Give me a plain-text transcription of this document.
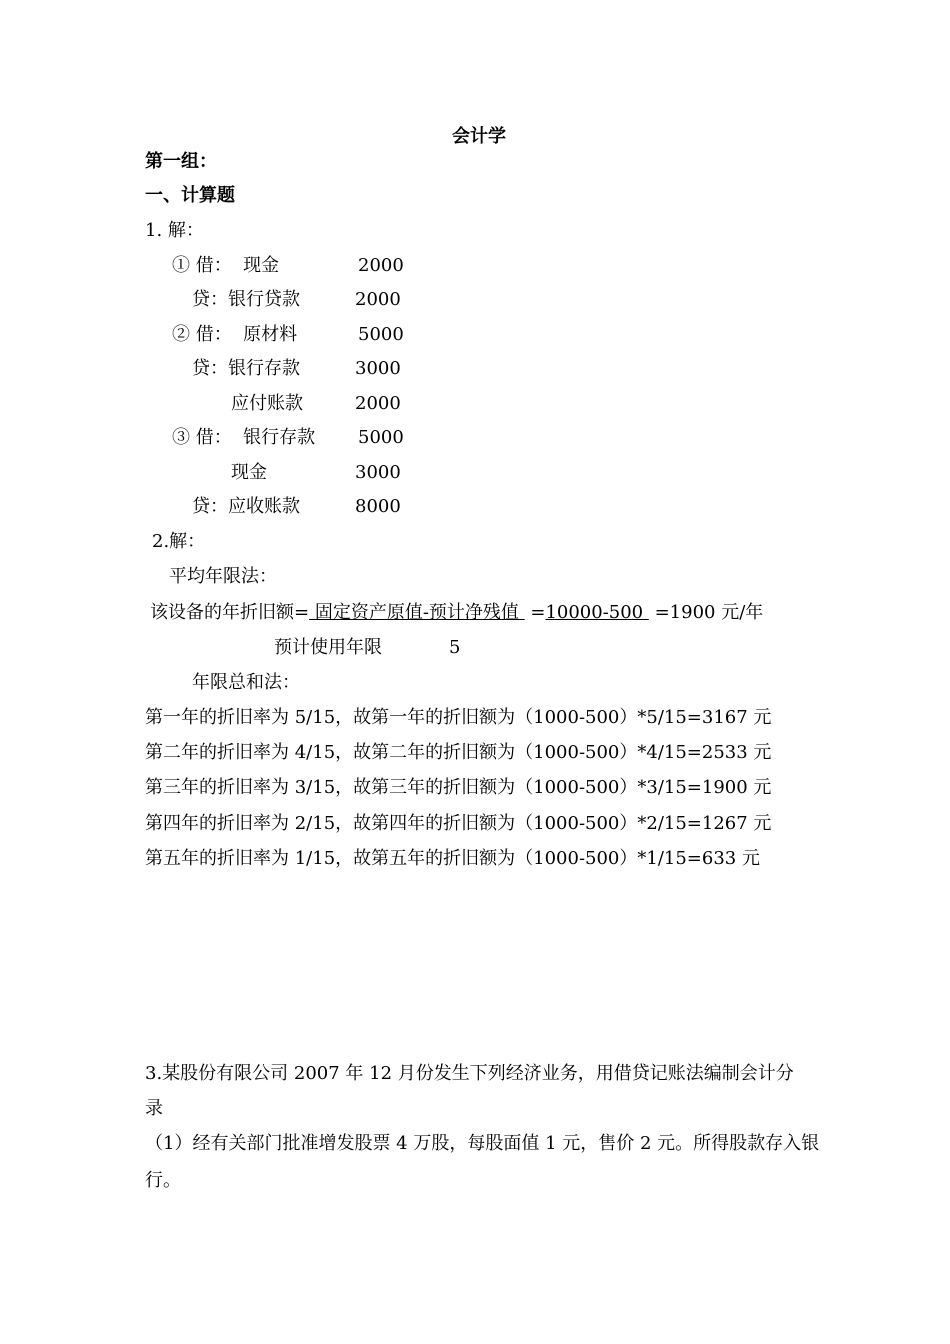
会计学
第一组：
一、计算题
1. 解：
① 借：  现金	2000
贷：银行贷款	2000
② 借：  原材料	5000
贷：银行存款	3000
应付账款	2000
③ 借：  银行存款 5000
现金	3000
贷：应收账款	8000
2.解：
平均年限法：
该设备的年折旧额= 固定资产原值-预计净残值  =10000-500  =1900 元/年
预计使用年限	5
年限总和法：
第一年的折旧率为 5/15，故第一年的折旧额为（1000-500）*5/15=3167 元
第二年的折旧率为 4/15，故第二年的折旧额为（1000-500）*4/15=2533 元
第三年的折旧率为 3/15，故第三年的折旧额为（1000-500）*3/15=1900 元
第四年的折旧率为 2/15，故第四年的折旧额为（1000-500）*2/15=1267 元
第五年的折旧率为 1/15，故第五年的折旧额为（1000-500）*1/15=633 元
3.某股份有限公司 2007 年 12 月份发生下列经济业务，用借贷记账法编制会计分
录
（1）经有关部门批准增发股票 4 万股，每股面值 1 元，售价 2 元。所得股款存入银
行。
